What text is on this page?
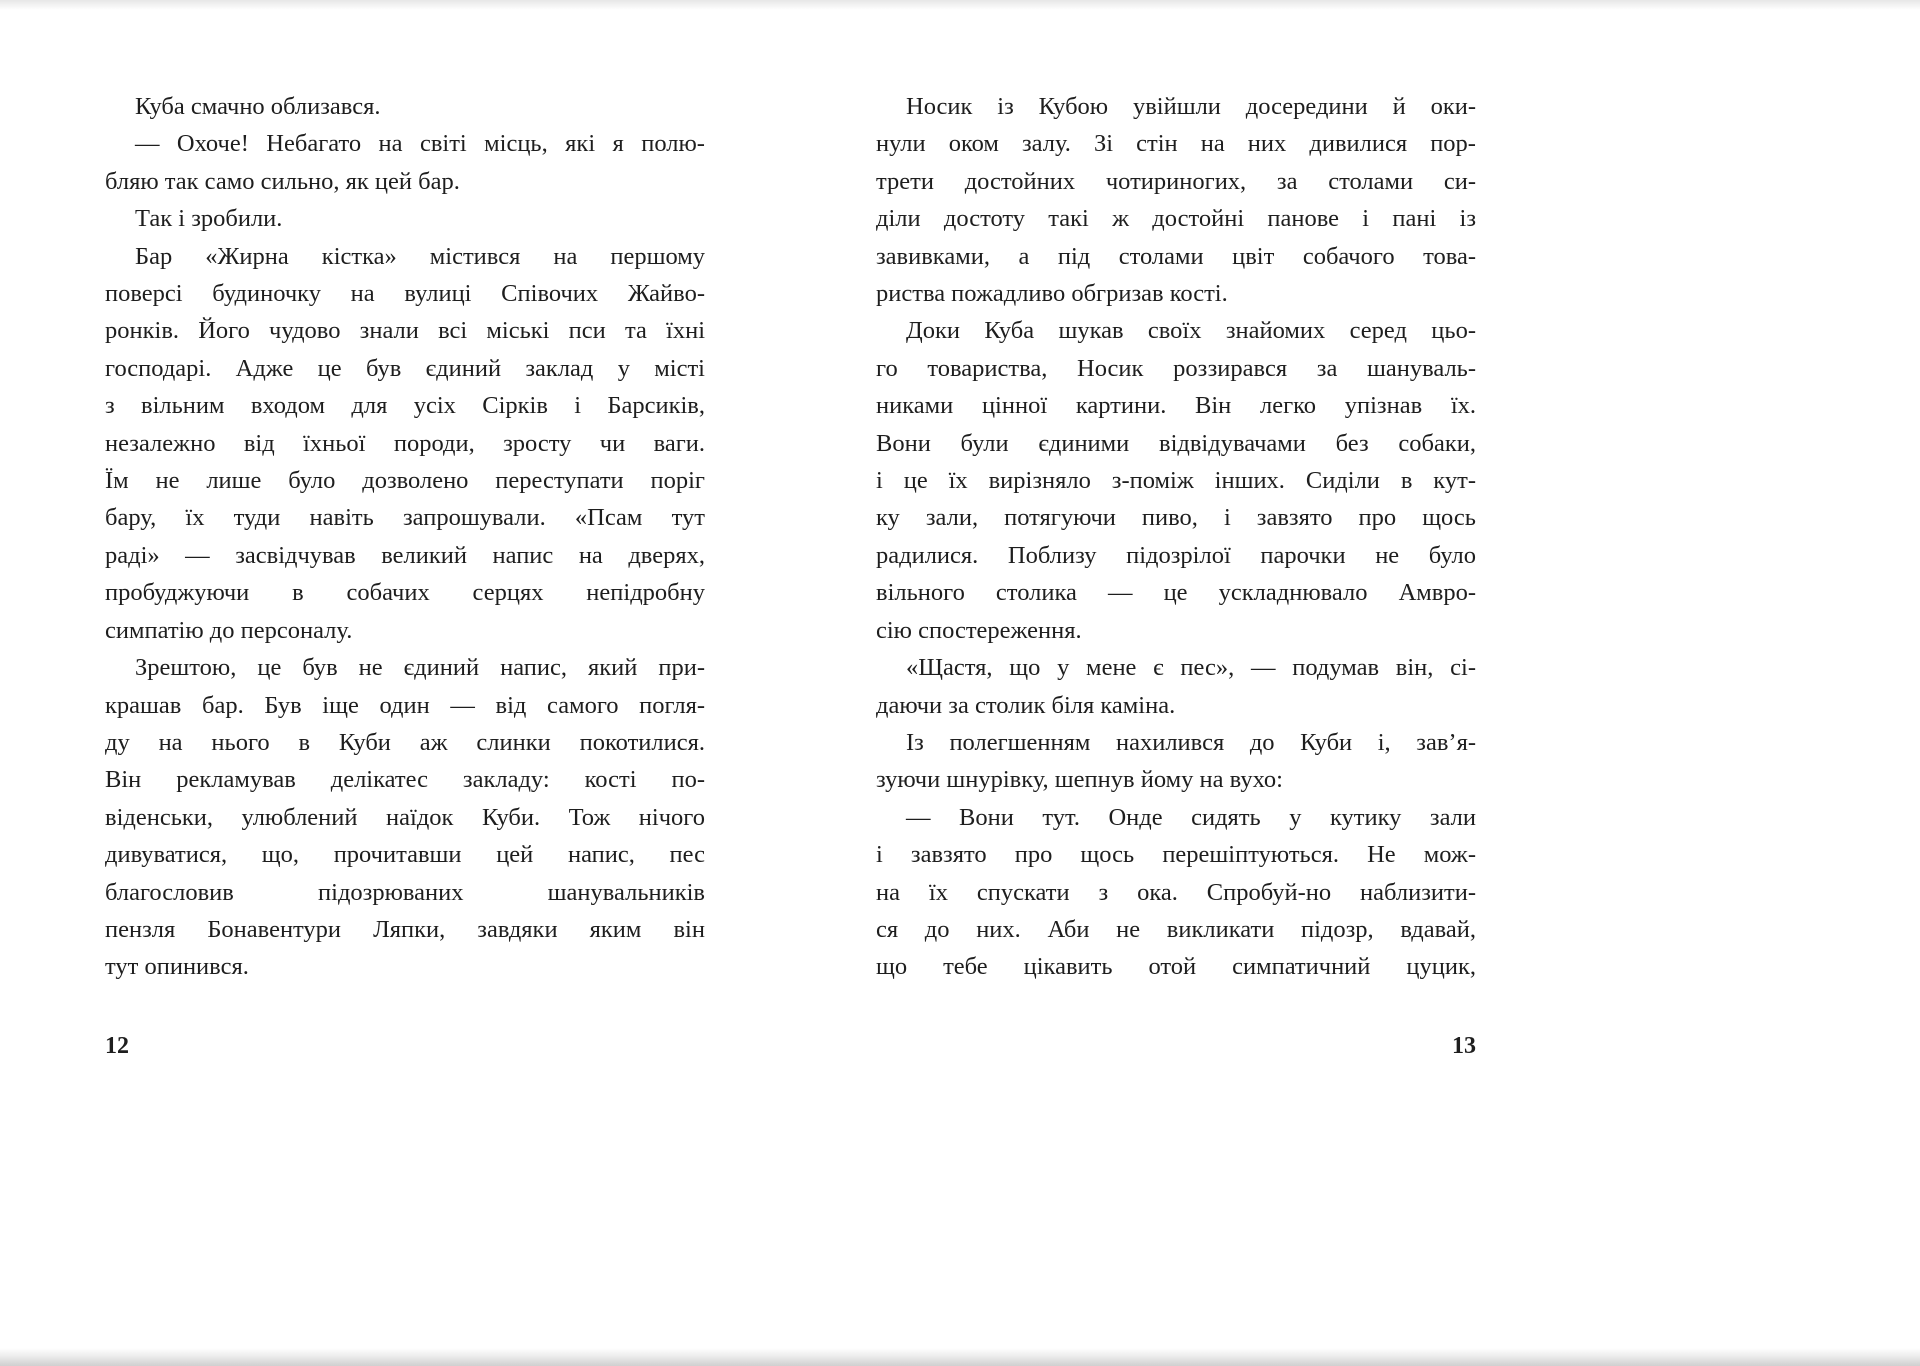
Куба смачно облизався.
— Охоче! Небагато на світі місць, які я полю-
бляю так само сильно, як цей бар.
Так і зробили.
Бар «Жирна кістка» містився на першому
поверсі будиночку на вулиці Співочих Жайво-
ронків. Його чудово знали всі міські пси та їхні
господарі. Адже це був єдиний заклад у місті
з вільним входом для усіх Сірків і Барсиків,
незалежно від їхньої породи, зросту чи ваги.
Їм не лише було дозволено переступати поріг
бару, їх туди навіть запрошували. «Псам тут
раді» — засвідчував великий напис на дверях,
пробуджуючи в собачих серцях непідробну
симпатію до персоналу.
Зрештою, це був не єдиний напис, який при-
крашав бар. Був іще один — від самого погля-
ду на нього в Куби аж слинки покотилися.
Він рекламував делікатес закладу: кості по-
віденськи, улюблений наїдок Куби. Тож нічого
дивуватися, що, прочитавши цей напис, пес
благословив підозрюваних шанувальників
пензля Бонавентури Ляпки, завдяки яким він
тут опинився.
Носик із Кубою увійшли досередини й оки-
нули оком залу. Зі стін на них дивилися пор-
трети достойних чотириногих, за столами си-
діли достоту такі ж достойні панове і пані із
завивками, а під столами цвіт собачого това-
риства пожадливо обгризав кості.
Доки Куба шукав своїх знайомих серед цьо-
го товариства, Носик роззирався за шануваль-
никами цінної картини. Він легко упізнав їх.
Вони були єдиними відвідувачами без собаки,
і це їх вирізняло з-поміж інших. Сиділи в кут-
ку зали, потягуючи пиво, і завзято про щось
радилися. Поблизу підозрілої парочки не було
вільного столика — це ускладнювало Амвро-
сію спостереження.
«Щастя, що у мене є пес», — подумав він, сі-
даючи за столик біля каміна.
Із полегшенням нахилився до Куби і, зав’я-
зуючи шнурівку, шепнув йому на вухо:
— Вони тут. Онде сидять у кутику зали
і завзято про щось перешіптуються. Не мож-
на їх спускати з ока. Спробуй-но наблизити-
ся до них. Аби не викликати підозр, вдавай,
що тебе цікавить отой симпатичний цуцик,
12	13
